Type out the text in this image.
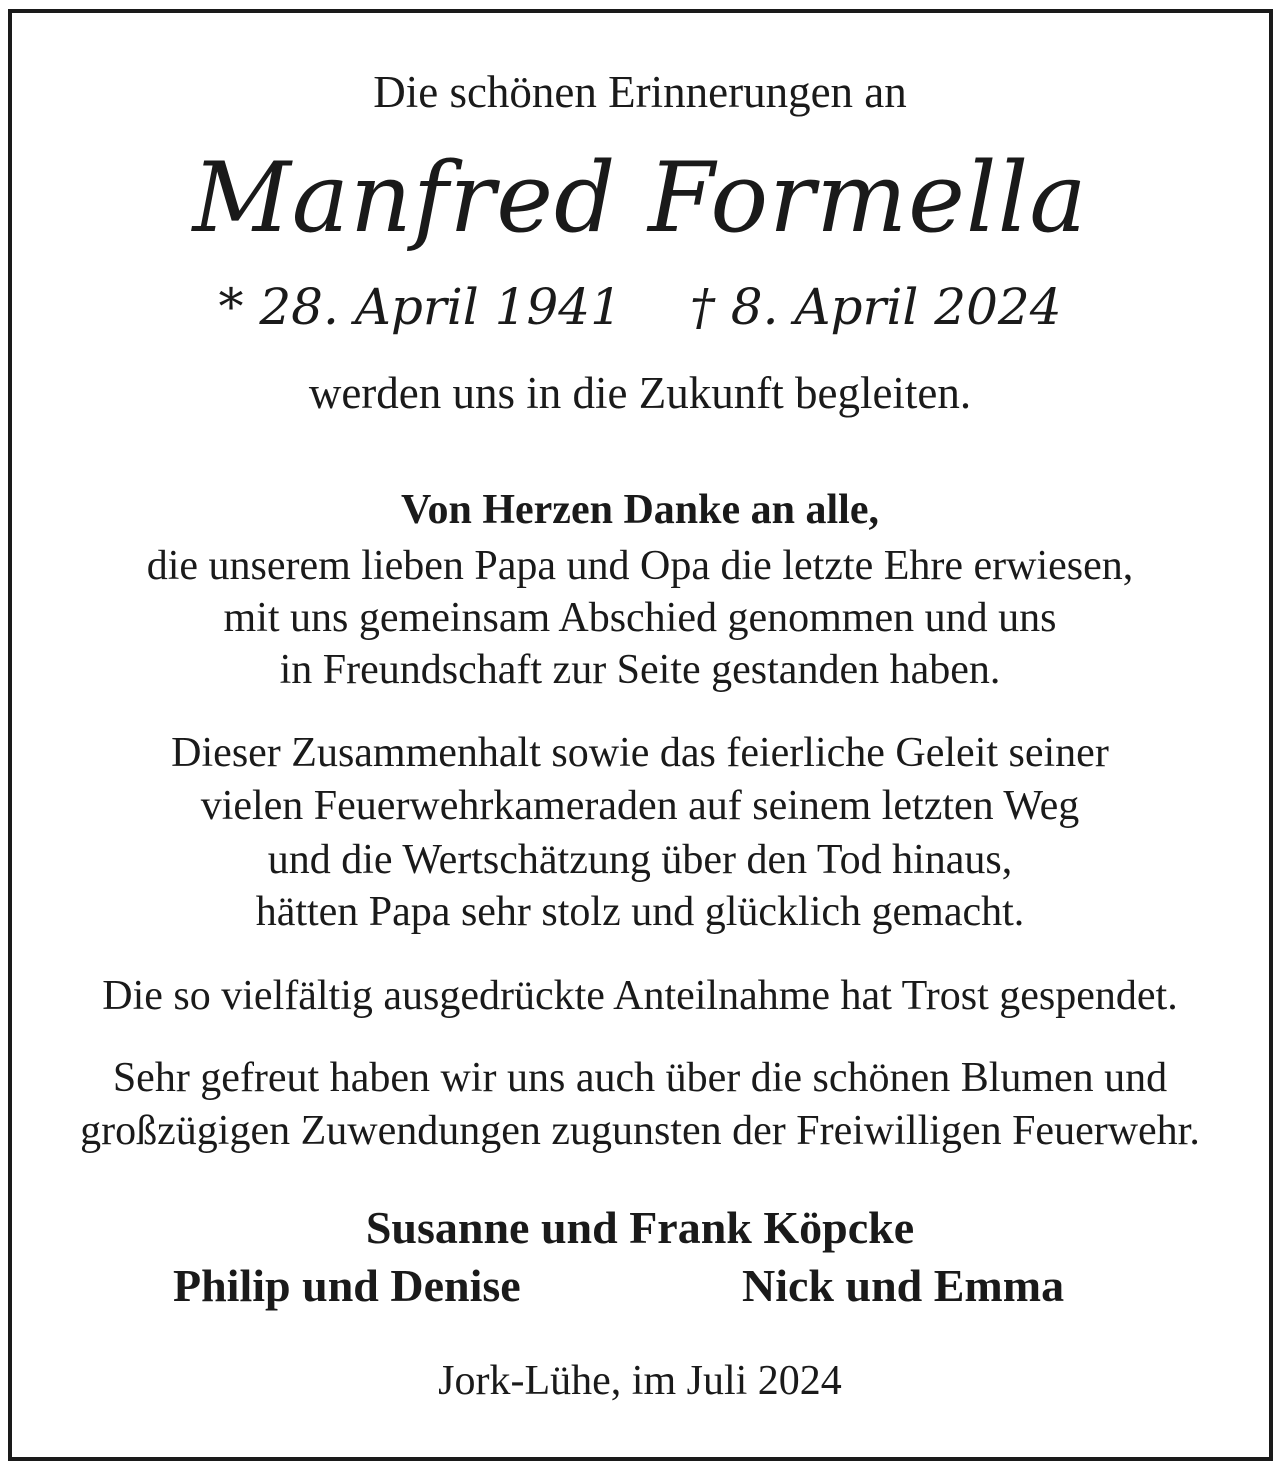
Die schönen Erinnerungen an
Manfred Formella
* 28. April 1941 † 8. April 2024
werden uns in die Zukunft begleiten.
Von Herzen Danke an alle,
die unserem lieben Papa und Opa die letzte Ehre erwiesen,
mit uns gemeinsam Abschied genommen und uns
in Freundschaft zur Seite gestanden haben.
Dieser Zusammenhalt sowie das feierliche Geleit seiner
vielen Feuerwehrkameraden auf seinem letzten Weg
und die Wertschätzung über den Tod hinaus,
hätten Papa sehr stolz und glücklich gemacht.
Die so vielfältig ausgedrückte Anteilnahme hat Trost gespendet.
Sehr gefreut haben wir uns auch über die schönen Blumen und
großzügigen Zuwendungen zugunsten der Freiwilligen Feuerwehr.
Susanne und Frank Köpcke
Philip und Denise	Nick und Emma
Jork-Lühe, im Juli 2024
